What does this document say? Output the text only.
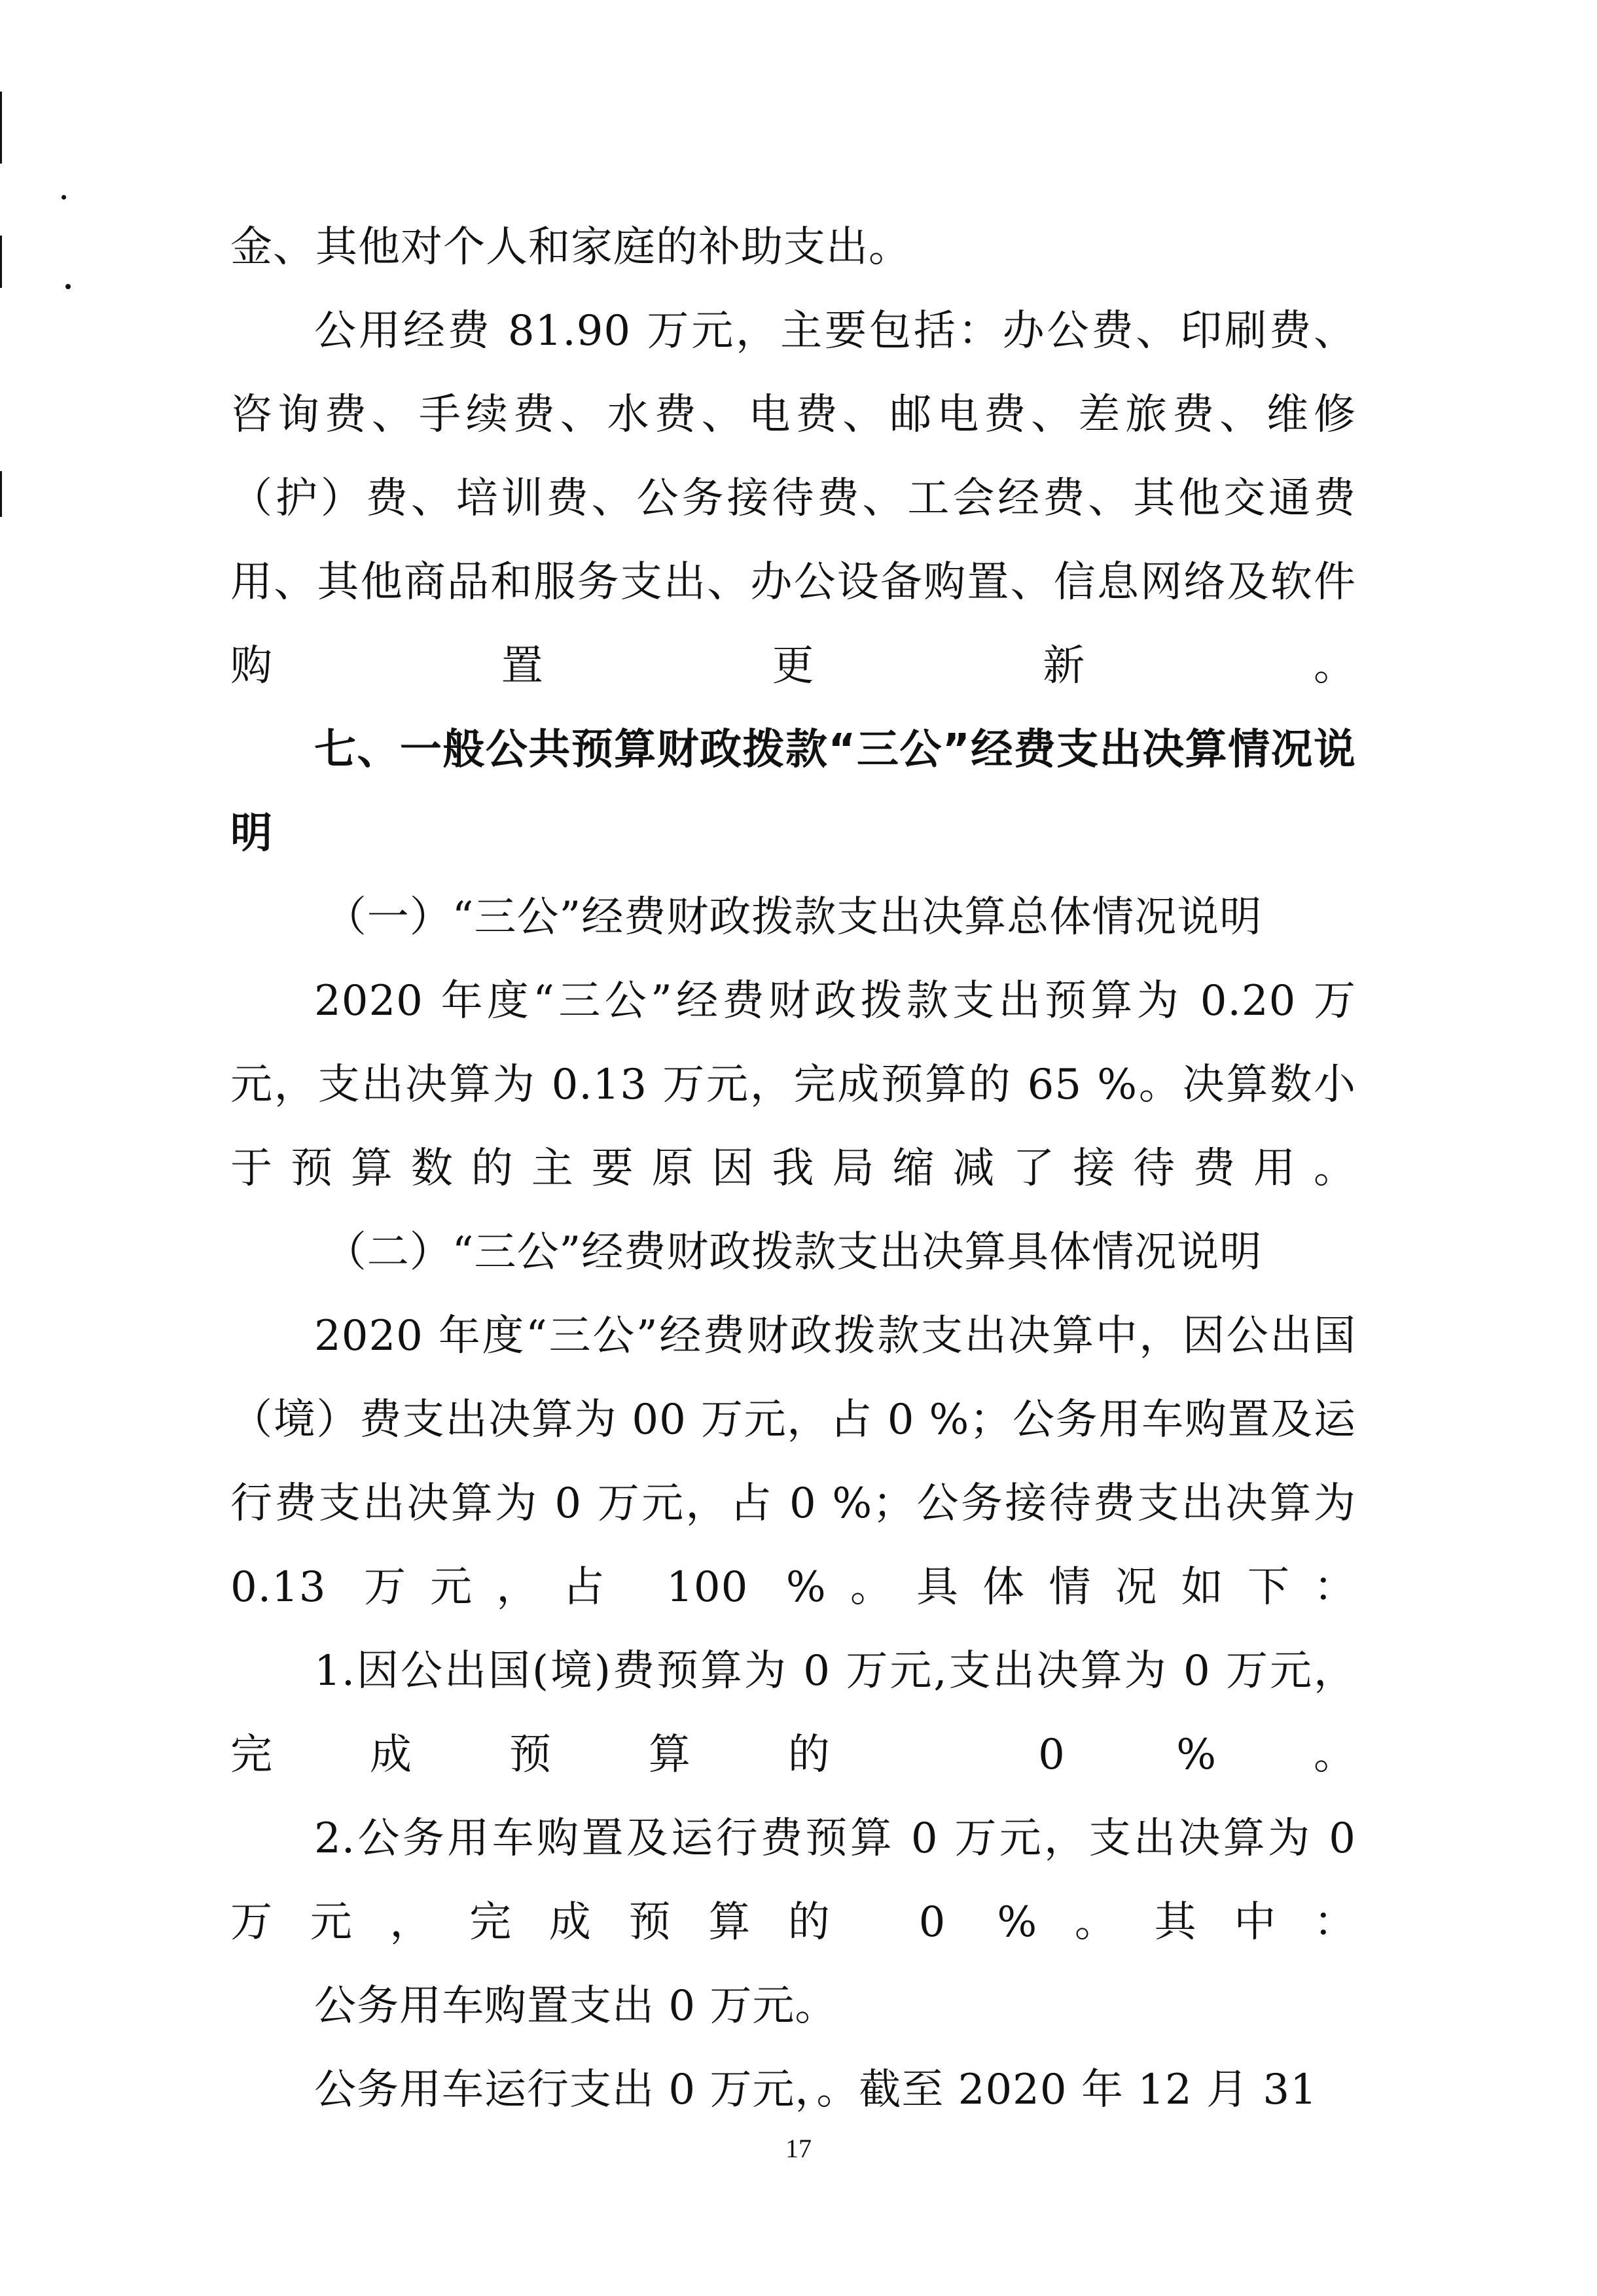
金、其他对个人和家庭的补助支出。

公用经费 81.90 万元，主要包括：办公费、印刷费、咨询费、手续费、水费、电费、邮电费、差旅费、维修（护）费、培训费、公务接待费、工会经费、其他交通费用、其他商品和服务支出、办公设备购置、信息网络及软件购置更新。

七、一般公共预算财政拨款“三公”经费支出决算情况说明

（一）“三公”经费财政拨款支出决算总体情况说明

2020 年度“三公”经费财政拨款支出预算为 0.20 万元，支出决算为 0.13 万元，完成预算的 65 %。决算数小于预算数的主要原因我局缩减了接待费用。

（二）“三公”经费财政拨款支出决算具体情况说明

2020 年度“三公”经费财政拨款支出决算中，因公出国（境）费支出决算为 00 万元，占 0 %；公务用车购置及运行费支出决算为 0 万元，占 0 %；公务接待费支出决算为 0.13 万元，占 100 %。具体情况如下：

1.因公出国(境)费预算为 0 万元,支出决算为 0 万元，完成预算的 0 %。

2.公务用车购置及运行费预算 0 万元，支出决算为 0 万元，完成预算的 0 %。其中：

公务用车购置支出 0 万元。

公务用车运行支出 0 万元，。截至 2020 年 12 月 31

17
